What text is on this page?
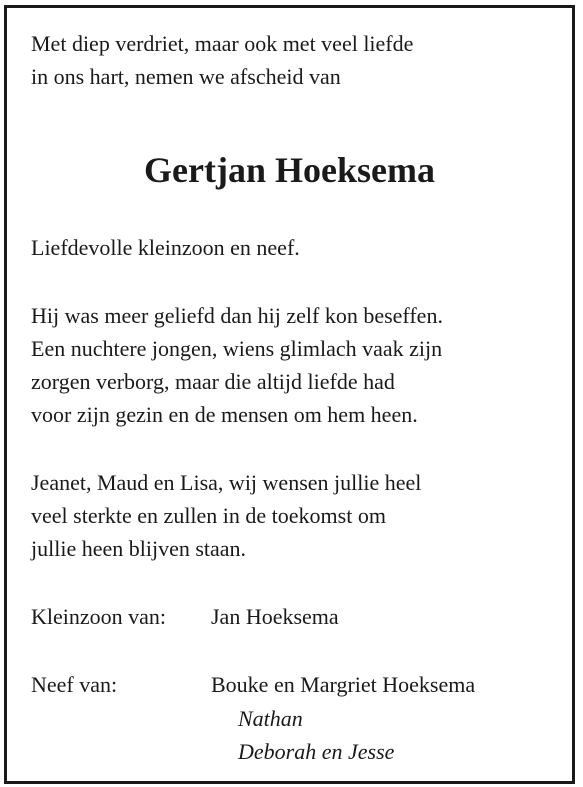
Met diep verdriet, maar ook met veel liefde
in ons hart, nemen we afscheid van
Gertjan Hoeksema
Liefdevolle kleinzoon en neef.
Hij was meer geliefd dan hij zelf kon beseffen.
Een nuchtere jongen, wiens glimlach vaak zijn
zorgen verborg, maar die altijd liefde had
voor zijn gezin en de mensen om hem heen.
Jeanet, Maud en Lisa, wij wensen jullie heel
veel sterkte en zullen in de toekomst om
jullie heen blijven staan.
Kleinzoon van: Jan Hoeksema
Neef van:	Bouke en Margriet Hoeksema
Nathan
Deborah en Jesse
